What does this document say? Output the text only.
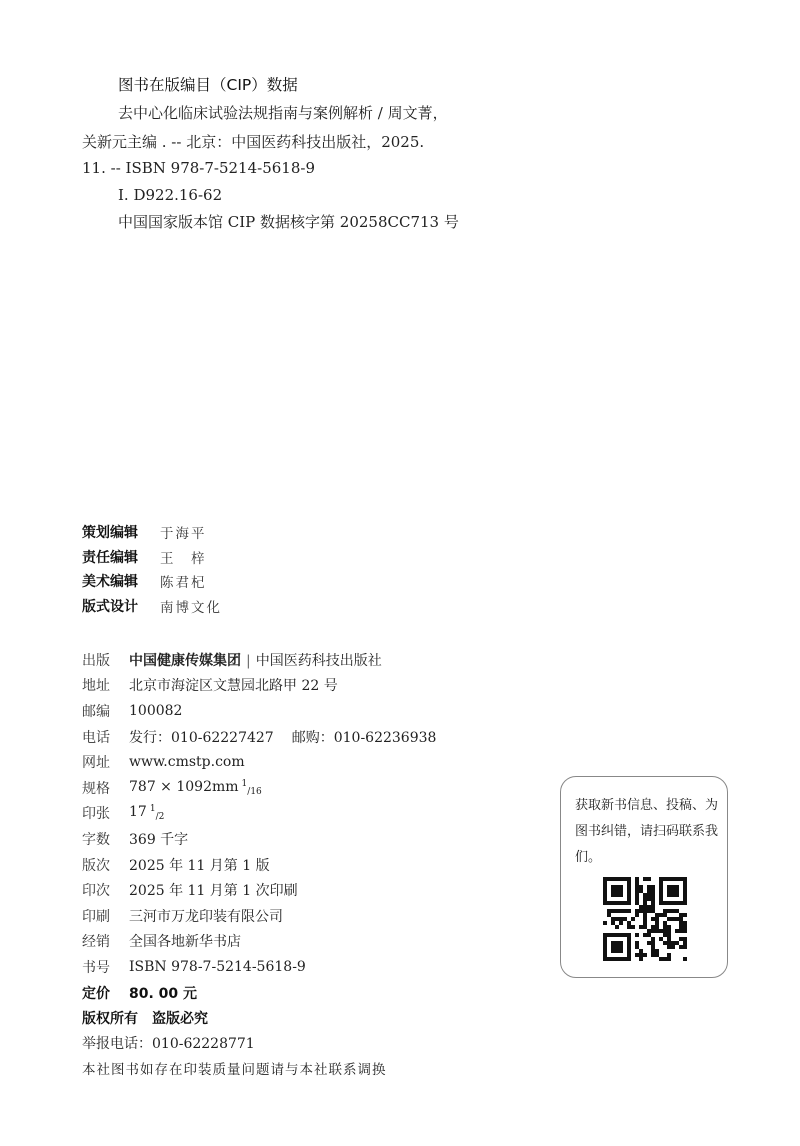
图书在版编目（CIP）数据
去中心化临床试验法规指南与案例解析 / 周文菁，
关新元主编 . -- 北京：中国医药科技出版社，2025.
11. -- ISBN 978-7-5214-5618-9
Ⅰ. D922.16-62
中国国家版本馆 CIP 数据核字第 20258CC713 号
策划编辑	于海平
责任编辑	王　梓
美术编辑	陈君杞
版式设计	南博文化
出版	中国健康传媒集团 | 中国医药科技出版社
地址	北京市海淀区文慧园北路甲 22 号
邮编	100082
电话	发行：010-62227427 邮购：010-62236938
网址	www.cmstp.com
规格	787 × 1092mm $^1_{/16}$
印张	17 $^1_{/2}$
字数	369 千字
版次	2025 年 11 月第 1 版
印次	2025 年 11 月第 1 次印刷
印刷	三河市万龙印装有限公司
经销	全国各地新华书店
书号	ISBN 978-7-5214-5618-9
定价	80. 00 元
版权所有 盗版必究
举报电话：010-62228771
本社图书如存在印装质量问题请与本社联系调换
获取新书信息、投稿、为图书纠错，请扫码联系我们。
